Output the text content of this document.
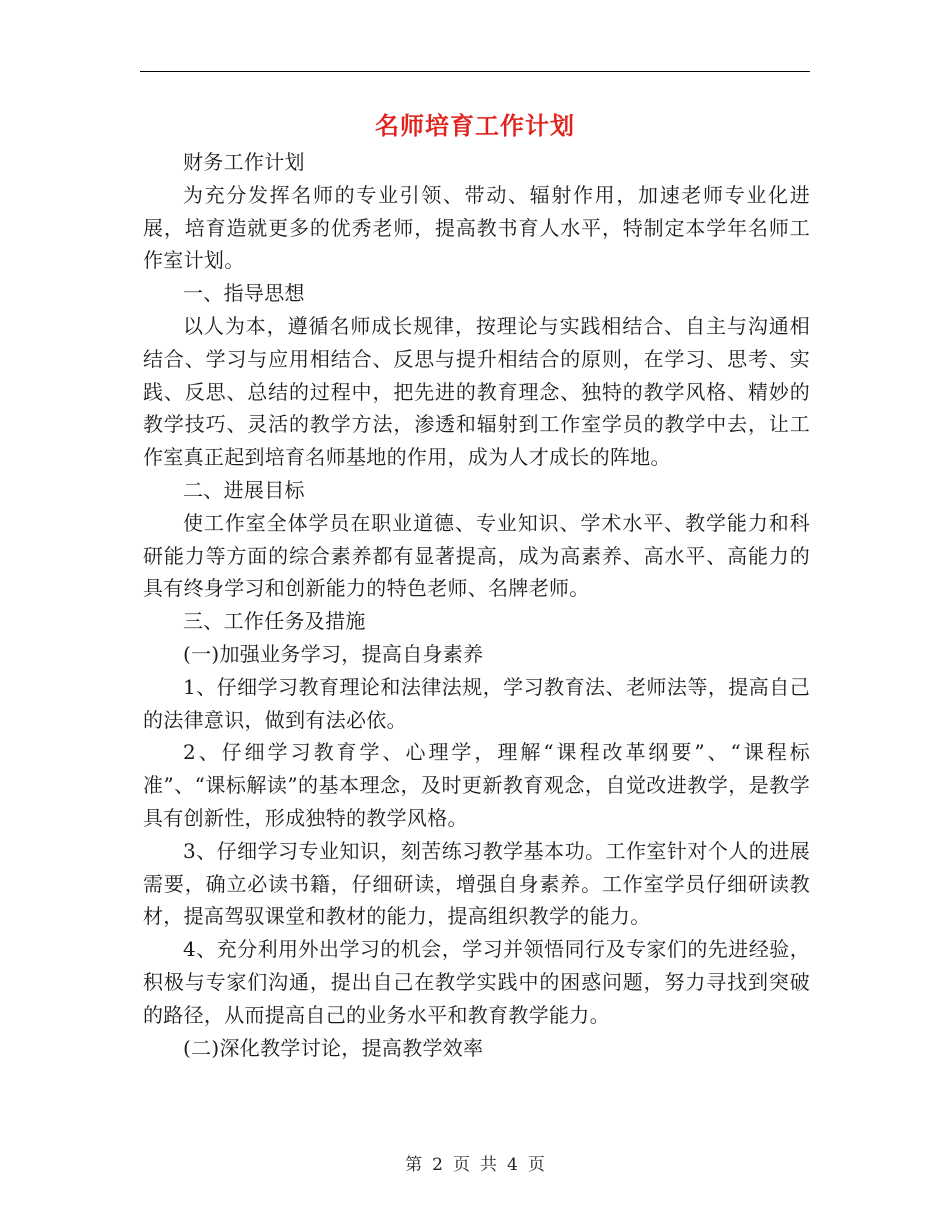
名师培育工作计划

财务工作计划

为充分发挥名师的专业引领、带动、辐射作用，加速老师专业化进展，培育造就更多的优秀老师，提高教书育人水平，特制定本学年名师工作室计划。

一、指导思想

以人为本，遵循名师成长规律，按理论与实践相结合、自主与沟通相结合、学习与应用相结合、反思与提升相结合的原则，在学习、思考、实践、反思、总结的过程中，把先进的教育理念、独特的教学风格、精妙的教学技巧、灵活的教学方法，渗透和辐射到工作室学员的教学中去，让工作室真正起到培育名师基地的作用，成为人才成长的阵地。

二、进展目标

使工作室全体学员在职业道德、专业知识、学术水平、教学能力和科研能力等方面的综合素养都有显著提高，成为高素养、高水平、高能力的具有终身学习和创新能力的特色老师、名牌老师。

三、工作任务及措施

(一)加强业务学习，提高自身素养

1、仔细学习教育理论和法律法规，学习教育法、老师法等，提高自己的法律意识，做到有法必依。

2、仔细学习教育学、心理学，理解“课程改革纲要”、“课程标准”、“课标解读”的基本理念，及时更新教育观念，自觉改进教学，是教学具有创新性，形成独特的教学风格。

3、仔细学习专业知识，刻苦练习教学基本功。工作室针对个人的进展需要，确立必读书籍，仔细研读，增强自身素养。工作室学员仔细研读教材，提高驾驭课堂和教材的能力，提高组织教学的能力。

4、充分利用外出学习的机会，学习并领悟同行及专家们的先进经验，积极与专家们沟通，提出自己在教学实践中的困惑问题，努力寻找到突破的路径，从而提高自己的业务水平和教育教学能力。

(二)深化教学讨论，提高教学效率

第 2 页 共 4 页
